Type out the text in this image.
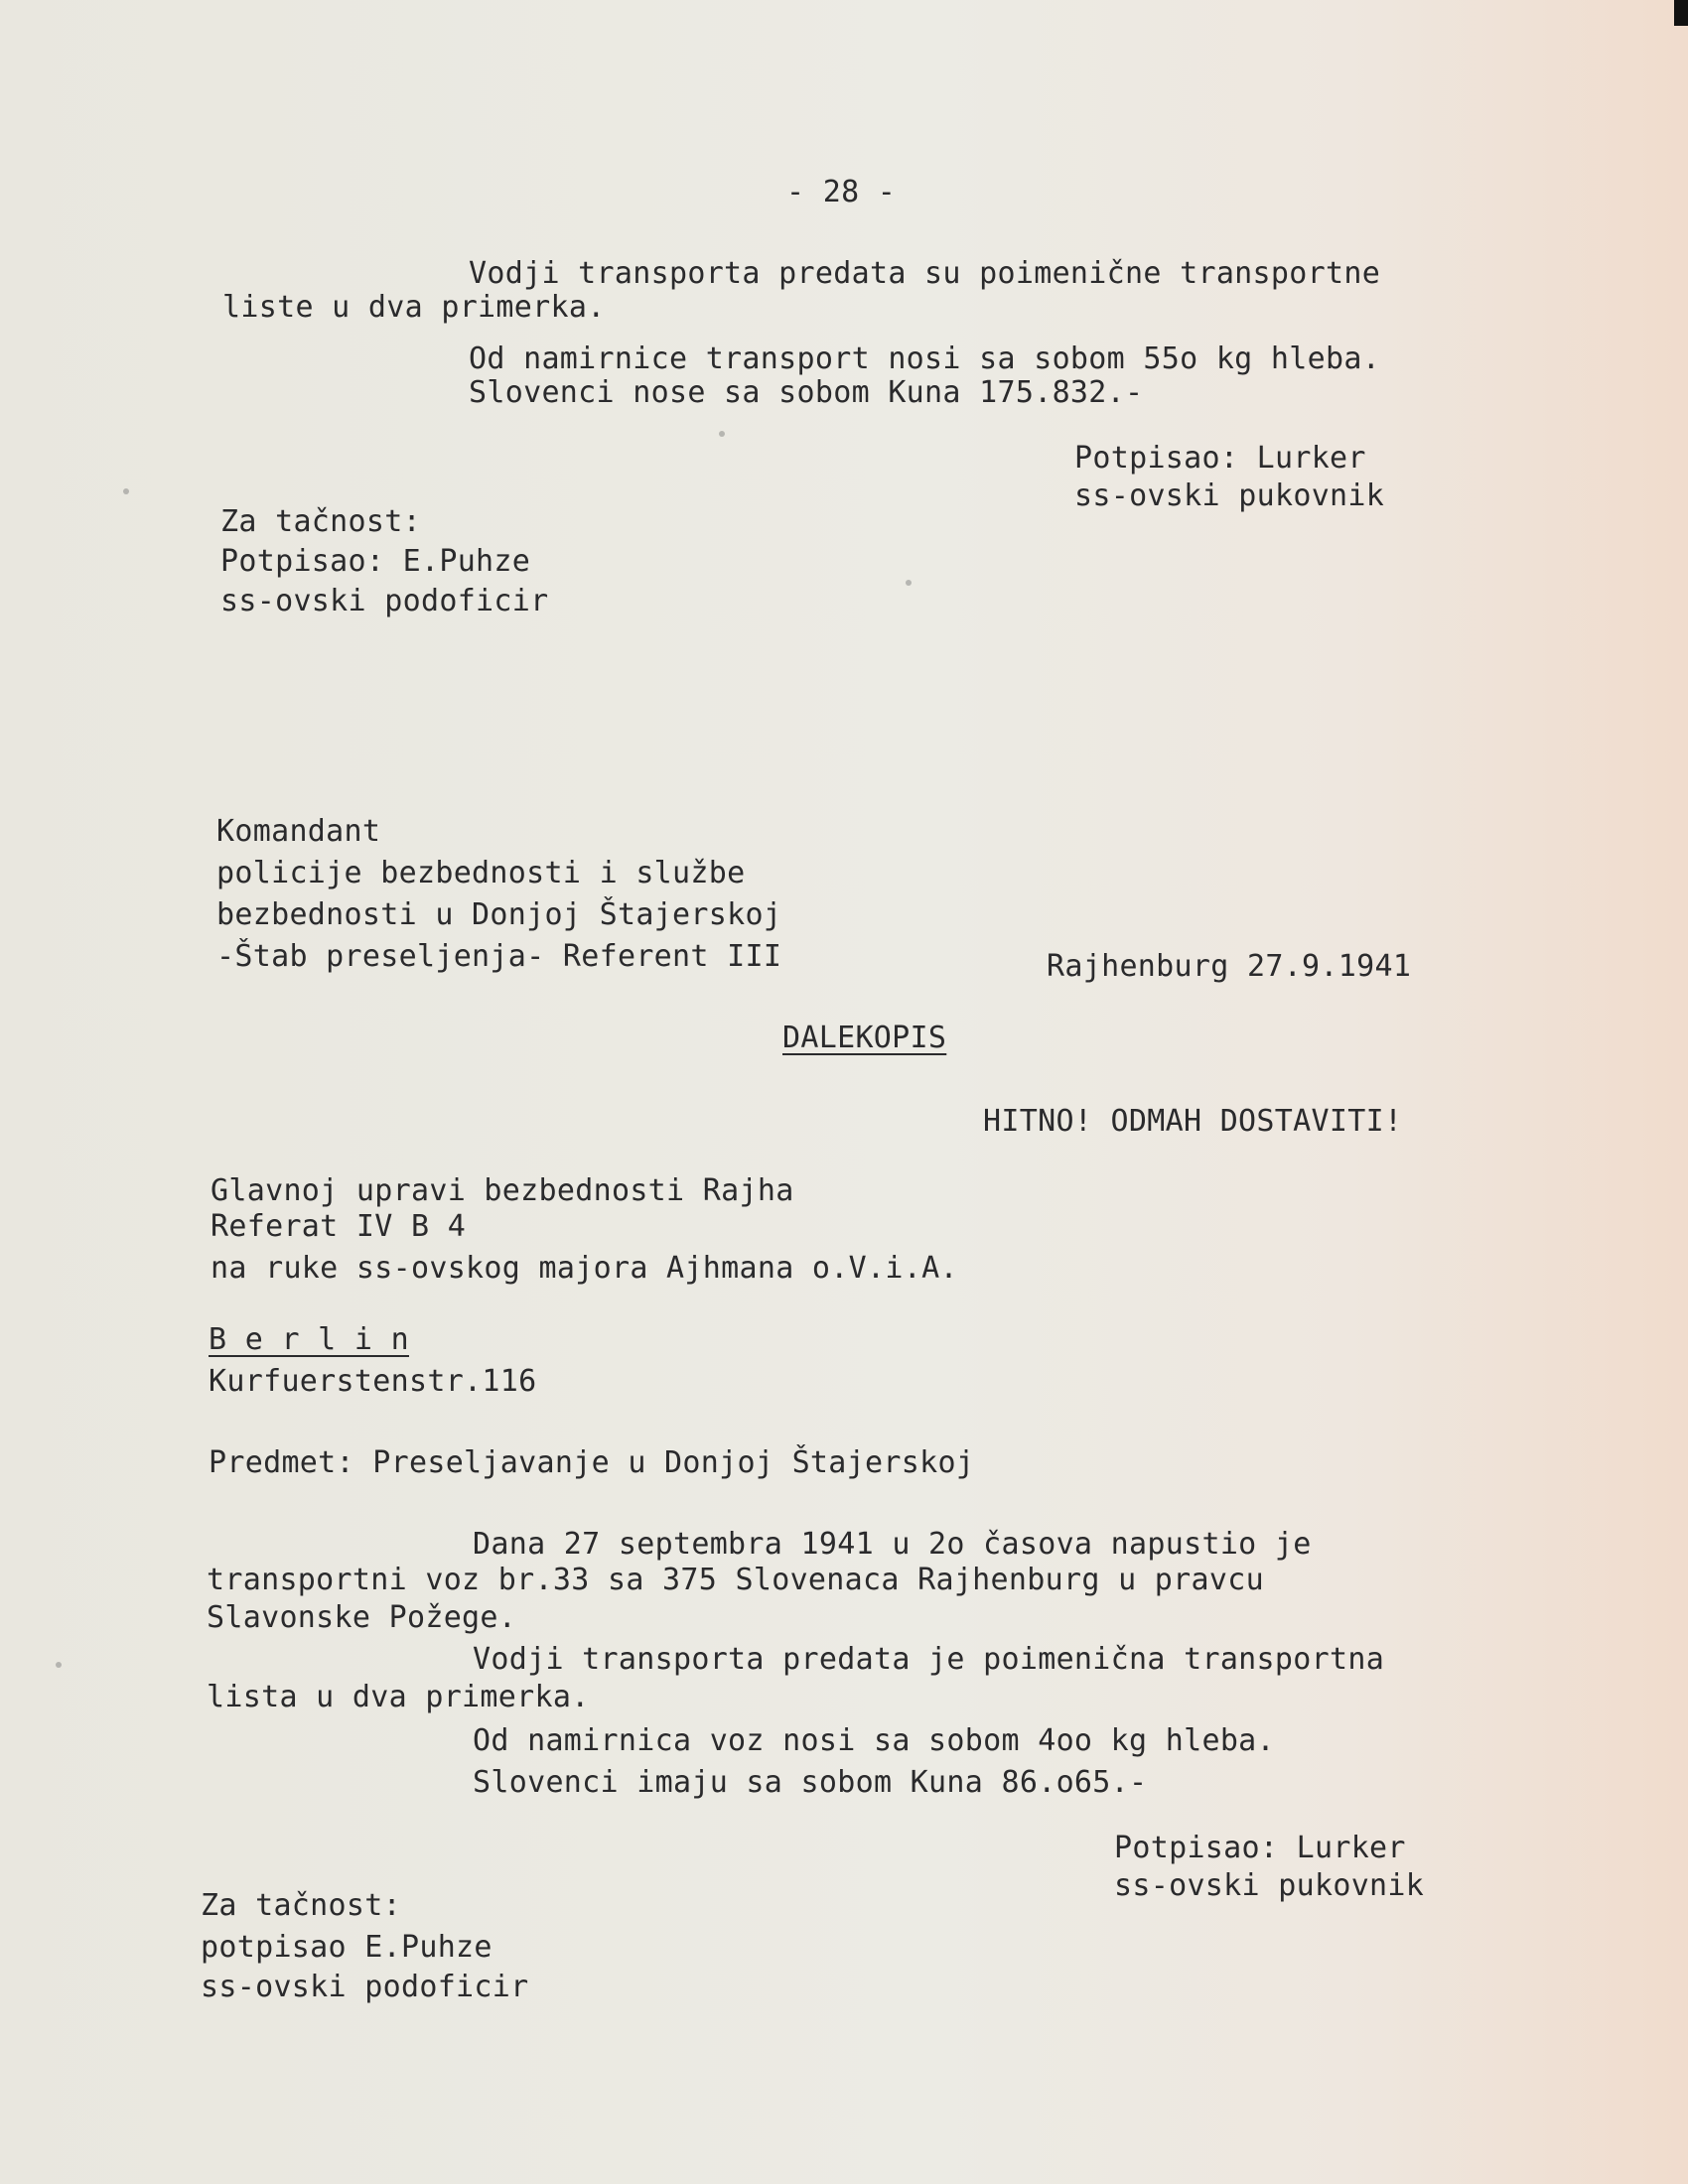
- 28 -

Vodji transporta predata su poimenične transportne

liste u dva primerka.

Od namirnice transport nosi sa sobom 55o kg hleba.

Slovenci nose sa sobom Kuna 175.832.-

Potpisao: Lurker

ss-ovski pukovnik

Za tačnost:

Potpisao: E.Puhze

ss-ovski podoficir

Komandant

policije bezbednosti i službe

bezbednosti u Donjoj Štajerskoj

-Štab preseljenja- Referent III	Rajhenburg 27.9.1941

DALEKOPIS

HITNO! ODMAH DOSTAVITI!

Glavnoj upravi bezbednosti Rajha

Referat IV B 4

na ruke ss-ovskog majora Ajhmana o.V.i.A.

B e r l i n

Kurfuerstenstr.116

Predmet: Preseljavanje u Donjoj Štajerskoj

Dana 27 septembra 1941 u 2o časova napustio je

transportni voz br.33 sa 375 Slovenaca Rajhenburg u pravcu

Slavonske Požege.

Vodji transporta predata je poimenična transportna

lista u dva primerka.

Od namirnica voz nosi sa sobom 4oo kg hleba.

Slovenci imaju sa sobom Kuna 86.o65.-

Potpisao: Lurker

ss-ovski pukovnik

Za tačnost:

potpisao E.Puhze

ss-ovski podoficir
